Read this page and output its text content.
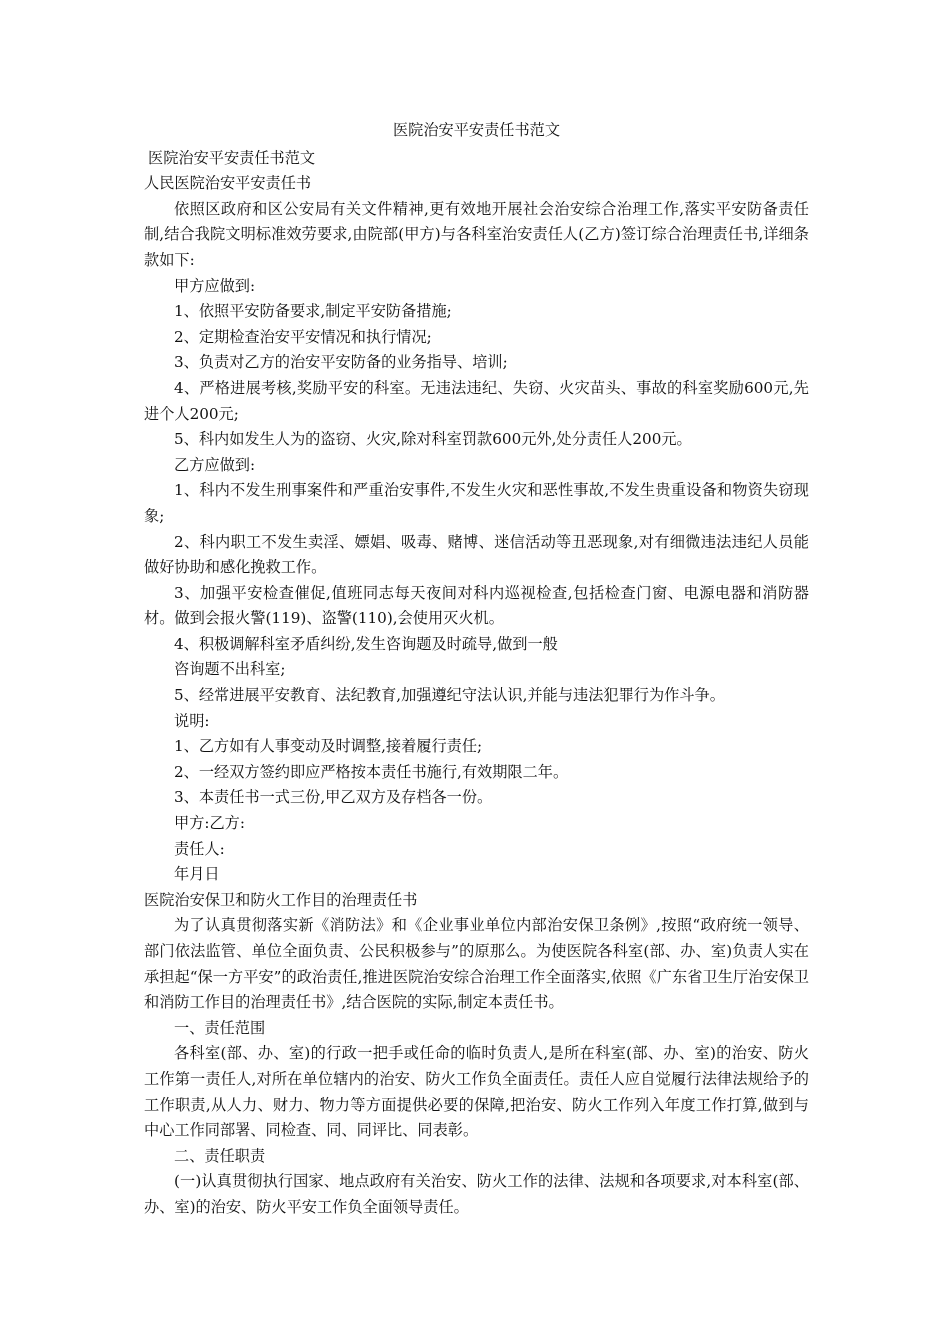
医院治安平安责任书范文

医院治安平安责任书范文

人民医院治安平安责任书

依照区政府和区公安局有关文件精神,更有效地开展社会治安综合治理工作,落实平安防备责任制,结合我院文明标准效劳要求,由院部(甲方)与各科室治安责任人(乙方)签订综合治理责任书,详细条款如下:

甲方应做到:

1、依照平安防备要求,制定平安防备措施;

2、定期检查治安平安情况和执行情况;

3、负责对乙方的治安平安防备的业务指导、培训;

4、严格进展考核,奖励平安的科室。无违法违纪、失窃、火灾苗头、事故的科室奖励600元,先进个人200元;

5、科内如发生人为的盗窃、火灾,除对科室罚款600元外,处分责任人200元。

乙方应做到:

1、科内不发生刑事案件和严重治安事件,不发生火灾和恶性事故,不发生贵重设备和物资失窃现象;

2、科内职工不发生卖淫、嫖娼、吸毒、赌博、迷信活动等丑恶现象,对有细微违法违纪人员能做好协助和感化挽救工作。

3、加强平安检查催促,值班同志每天夜间对科内巡视检查,包括检查门窗、电源电器和消防器材。做到会报火警(119)、盗警(110),会使用灭火机。

4、积极调解科室矛盾纠纷,发生咨询题及时疏导,做到一般

咨询题不出科室;

5、经常进展平安教育、法纪教育,加强遵纪守法认识,并能与违法犯罪行为作斗争。

说明:

1、乙方如有人事变动及时调整,接着履行责任;

2、一经双方签约即应严格按本责任书施行,有效期限二年。

3、本责任书一式三份,甲乙双方及存档各一份。

甲方:乙方:

责任人:

年月日

医院治安保卫和防火工作目的治理责任书

为了认真贯彻落实新《消防法》和《企业事业单位内部治安保卫条例》,按照“政府统一领导、部门依法监管、单位全面负责、公民积极参与”的原那么。为使医院各科室(部、办、室)负责人实在承担起“保一方平安”的政治责任,推进医院治安综合治理工作全面落实,依照《广东省卫生厅治安保卫和消防工作目的治理责任书》,结合医院的实际,制定本责任书。

一、责任范围

各科室(部、办、室)的行政一把手或任命的临时负责人,是所在科室(部、办、室)的治安、防火工作第一责任人,对所在单位辖内的治安、防火工作负全面责任。责任人应自觉履行法律法规给予的工作职责,从人力、财力、物力等方面提供必要的保障,把治安、防火工作列入年度工作打算,做到与中心工作同部署、同检查、同、同评比、同表彰。

二、责任职责

(一)认真贯彻执行国家、地点政府有关治安、防火工作的法律、法规和各项要求,对本科室(部、办、室)的治安、防火平安工作负全面领导责任。
